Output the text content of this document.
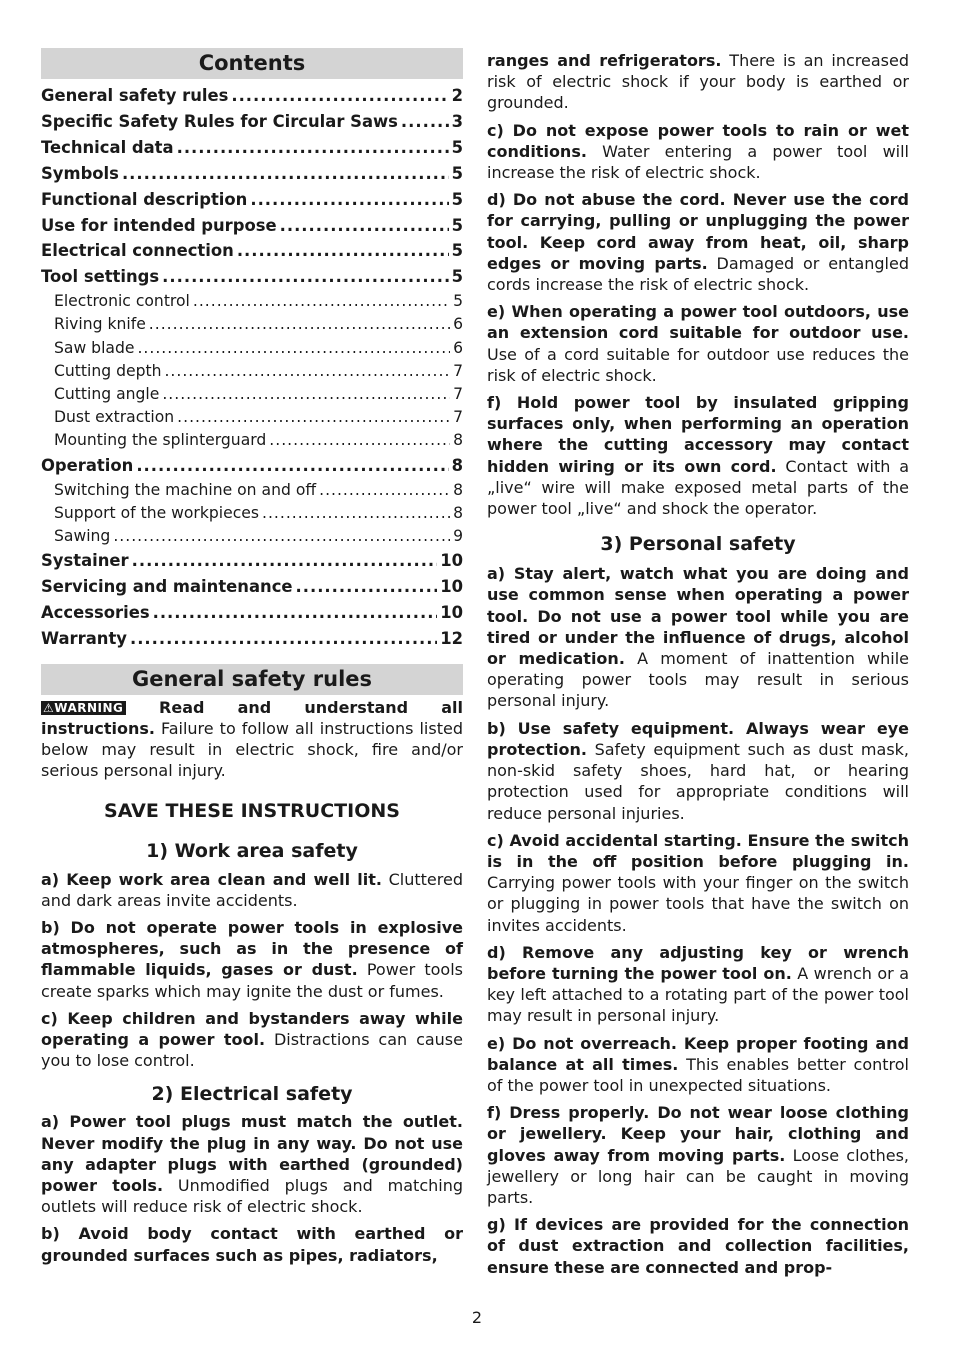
Contents
General safety rules .....	2
Specific Safety Rules for Circular Saws .....	3
Technical data .....	5
Symbols .....	5
Functional description .....	5
Use for intended purpose .....	5
Electrical connection .....	5
Tool settings .....	5
Electronic control .....	5
Riving knife .....	6
Saw blade .....	6
Cutting depth .....	7
Cutting angle .....	7
Dust extraction .....	7
Mounting the splinterguard .....	8
Operation .....	8
Switching the machine on and off .....	8
Support of the workpieces .....	8
Sawing .....	9
Systainer .....	10
Servicing and maintenance .....	10
Accessories .....	10
Warranty .....	12
General safety rules

⚠WARNING Read and understand all instructions. Failure to follow all instructions listed below may result in electric shock, fire and/or serious personal injury.

SAVE THESE INSTRUCTIONS
1) Work area safety

a) Keep work area clean and well lit. Cluttered and dark areas invite accidents.

b) Do not operate power tools in explosive atmospheres, such as in the presence of flammable liquids, gases or dust. Power tools create sparks which may ignite the dust or fumes.

c) Keep children and bystanders away while operating a power tool. Distractions can cause you to lose control.

2) Electrical safety

a) Power tool plugs must match the outlet. Never modify the plug in any way. Do not use any adapter plugs with earthed (grounded) power tools. Unmodified plugs and matching outlets will reduce risk of electric shock.

b) Avoid body contact with earthed or grounded surfaces such as pipes, radiators,

ranges and refrigerators. There is an increased risk of electric shock if your body is earthed or grounded.

c) Do not expose power tools to rain or wet conditions. Water entering a power tool will increase the risk of electric shock.

d) Do not abuse the cord. Never use the cord for carrying, pulling or unplugging the power tool. Keep cord away from heat, oil, sharp edges or moving parts. Damaged or entangled cords increase the risk of electric shock.

e) When operating a power tool outdoors, use an extension cord suitable for outdoor use. Use of a cord suitable for outdoor use reduces the risk of electric shock.

f) Hold power tool by insulated gripping surfaces only, when performing an operation where the cutting accessory may contact hidden wiring or its own cord. Contact with a „live“ wire will make exposed metal parts of the power tool „live“ and shock the operator.

3) Personal safety

a) Stay alert, watch what you are doing and use common sense when operating a power tool. Do not use a power tool while you are tired or under the influence of drugs, alcohol or medication. A moment of inattention while operating power tools may result in serious personal injury.

b) Use safety equipment. Always wear eye protection. Safety equipment such as dust mask, non-skid safety shoes, hard hat, or hearing protection used for appropriate conditions will reduce personal injuries.

c) Avoid accidental starting. Ensure the switch is in the off position before plugging in. Carrying power tools with your finger on the switch or plugging in power tools that have the switch on invites accidents.

d) Remove any adjusting key or wrench before turning the power tool on. A wrench or a key left attached to a rotating part of the power tool may result in personal injury.

e) Do not overreach. Keep proper footing and balance at all times. This enables better control of the power tool in unexpected situations.

f) Dress properly. Do not wear loose clothing or jewellery. Keep your hair, clothing and gloves away from moving parts. Loose clothes, jewellery or long hair can be caught in moving parts.

g) If devices are provided for the connection of dust extraction and collection facilities, ensure these are connected and prop-

2
